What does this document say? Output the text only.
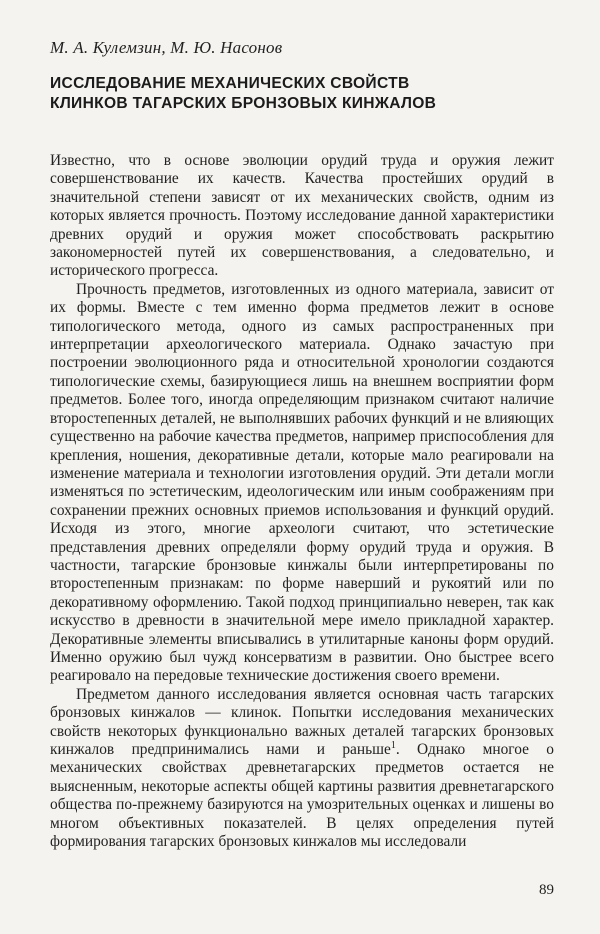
М. А. Кулемзин, М. Ю. Насонов
ИССЛЕДОВАНИЕ МЕХАНИЧЕСКИХ СВОЙСТВ
КЛИНКОВ ТАГАРСКИХ БРОНЗОВЫХ КИНЖАЛОВ

Известно, что в основе эволюции орудий труда и оружия лежит совершенствование их качеств. Качества простейших орудий в значительной степени зависят от их механических свойств, одним из которых является прочность. Поэтому исследование данной характеристики древних орудий и оружия может способствовать раскрытию закономерностей путей их совершенствования, а следовательно, и исторического прогресса.

Прочность предметов, изготовленных из одного материала, зависит от их формы. Вместе с тем именно форма предметов лежит в основе типологического метода, одного из самых распространенных при интерпретации археологического материала. Однако зачастую при построении эволюционного ряда и относительной хронологии создаются типологические схемы, базирующиеся лишь на внешнем восприятии форм предметов. Более того, иногда определяющим признаком считают наличие второстепенных деталей, не выполнявших рабочих функций и не влияющих существенно на рабочие качества предметов, например приспособления для крепления, ношения, декоративные детали, которые мало реагировали на изменение материала и технологии изготовления орудий. Эти детали могли изменяться по эстетическим, идеологическим или иным соображениям при сохранении прежних основных приемов использования и функций орудий. Исходя из этого, многие археологи считают, что эстетические представления древних определяли форму орудий труда и оружия. В частности, тагарские бронзовые кинжалы были интерпретированы по второстепенным признакам: по форме наверший и рукоятий или по декоративному оформлению. Такой подход принципиально неверен, так как искусство в древности в значительной мере имело прикладной характер. Декоративные элементы вписывались в утилитарные каноны форм орудий. Именно оружию был чужд консерватизм в развитии. Оно быстрее всего реагировало на передовые технические достижения своего времени.

Предметом данного исследования является основная часть тагарских бронзовых кинжалов — клинок. Попытки исследования механических свойств некоторых функционально важных деталей тагарских бронзовых кинжалов предпринимались нами и раньше$^1$. Однако многое о механических свойствах древнетагарских предметов остается не выясненным, некоторые аспекты общей картины развития древнетагарского общества по-прежнему базируются на умозрительных оценках и лишены во многом объективных показателей. В целях определения путей формирования тагарских бронзовых кинжалов мы исследовали

89
